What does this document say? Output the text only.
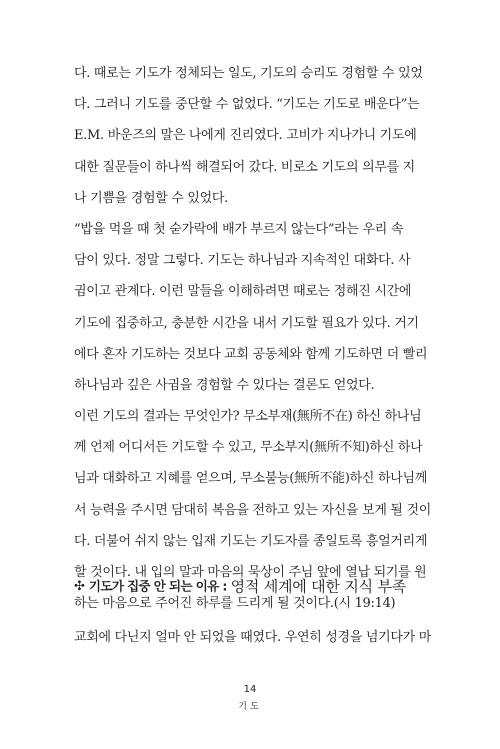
다. 때로는 기도가 정체되는 일도, 기도의 승리도 경험할 수 있었
다. 그러니 기도를 중단할 수 없었다. “기도는 기도로 배운다”는
E.M. 바운즈의 말은 나에게 진리였다. 고비가 지나가니 기도에
대한 질문들이 하나씩 해결되어 갔다. 비로소 기도의 의무를 지
나 기쁨을 경험할 수 있었다.
“밥을 먹을 때 첫 숟가락에 배가 부르지 않는다”라는 우리 속
담이 있다. 정말 그렇다. 기도는 하나님과 지속적인 대화다. 사
귐이고 관계다. 이런 말들을 이해하려면 때로는 정해진 시간에
기도에 집중하고, 충분한 시간을 내서 기도할 필요가 있다. 거기
에다 혼자 기도하는 것보다 교회 공동체와 함께 기도하면 더 빨리
하나님과 깊은 사귐을 경험할 수 있다는 결론도 얻었다.
이런 기도의 결과는 무엇인가? 무소부재(無所不在) 하신 하나님
께 언제 어디서든 기도할 수 있고, 무소부지(無所不知)하신 하나
님과 대화하고 지혜를 얻으며, 무소불능(無所不能)하신 하나님께
서 능력을 주시면 담대히 복음을 전하고 있는 자신을 보게 될 것이
다. 더불어 쉬지 않는 입재 기도는 기도자를 종일토록 흥얼거리게
할 것이다. 내 입의 말과 마음의 묵상이 주님 앞에 열납 되기를 원
하는 마음으로 주어진 하루를 드리게 될 것이다.(시 19:14)
✣ 기도가 집중 안 되는 이유 : 영적 세계에 대한 지식 부족
교회에 다닌지 얼마 안 되었을 때였다. 우연히 성경을 넘기다가 마
14
기도
